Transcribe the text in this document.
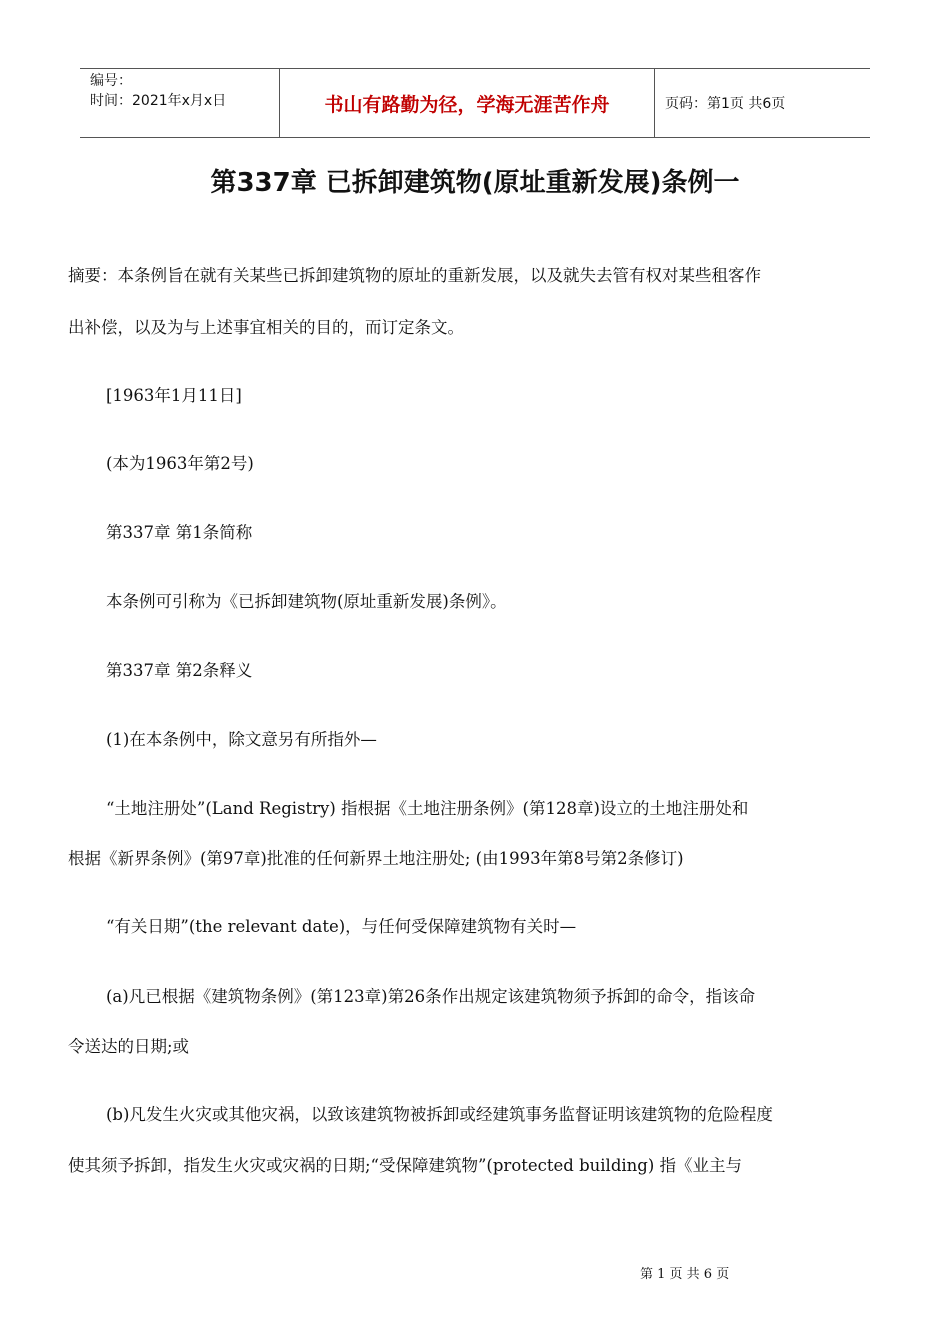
编号：
时间：2021年x月x日	书山有路勤为径，学海无涯苦作舟	页码：第1页 共6页
第337章 已拆卸建筑物(原址重新发展)条例一
摘要：本条例旨在就有关某些已拆卸建筑物的原址的重新发展，以及就失去管有权对某些租客作
出补偿，以及为与上述事宜相关的目的，而订定条文。
[1963年1月11日]
(本为1963年第2号)
第337章 第1条简称
本条例可引称为《已拆卸建筑物(原址重新发展)条例》。
第337章 第2条释义
(1)在本条例中，除文意另有所指外—
“土地注册处”(Land Registry) 指根据《土地注册条例》(第128章)设立的土地注册处和
根据《新界条例》(第97章)批准的任何新界土地注册处; (由1993年第8号第2条修订)
“有关日期”(the relevant date)，与任何受保障建筑物有关时—
(a)凡已根据《建筑物条例》(第123章)第26条作出规定该建筑物须予拆卸的命令，指该命
令送达的日期;或
(b)凡发生火灾或其他灾祸，以致该建筑物被拆卸或经建筑事务监督证明该建筑物的危险程度
使其须予拆卸，指发生火灾或灾祸的日期;“受保障建筑物”(protected building) 指《业主与
第 1 页 共 6 页
